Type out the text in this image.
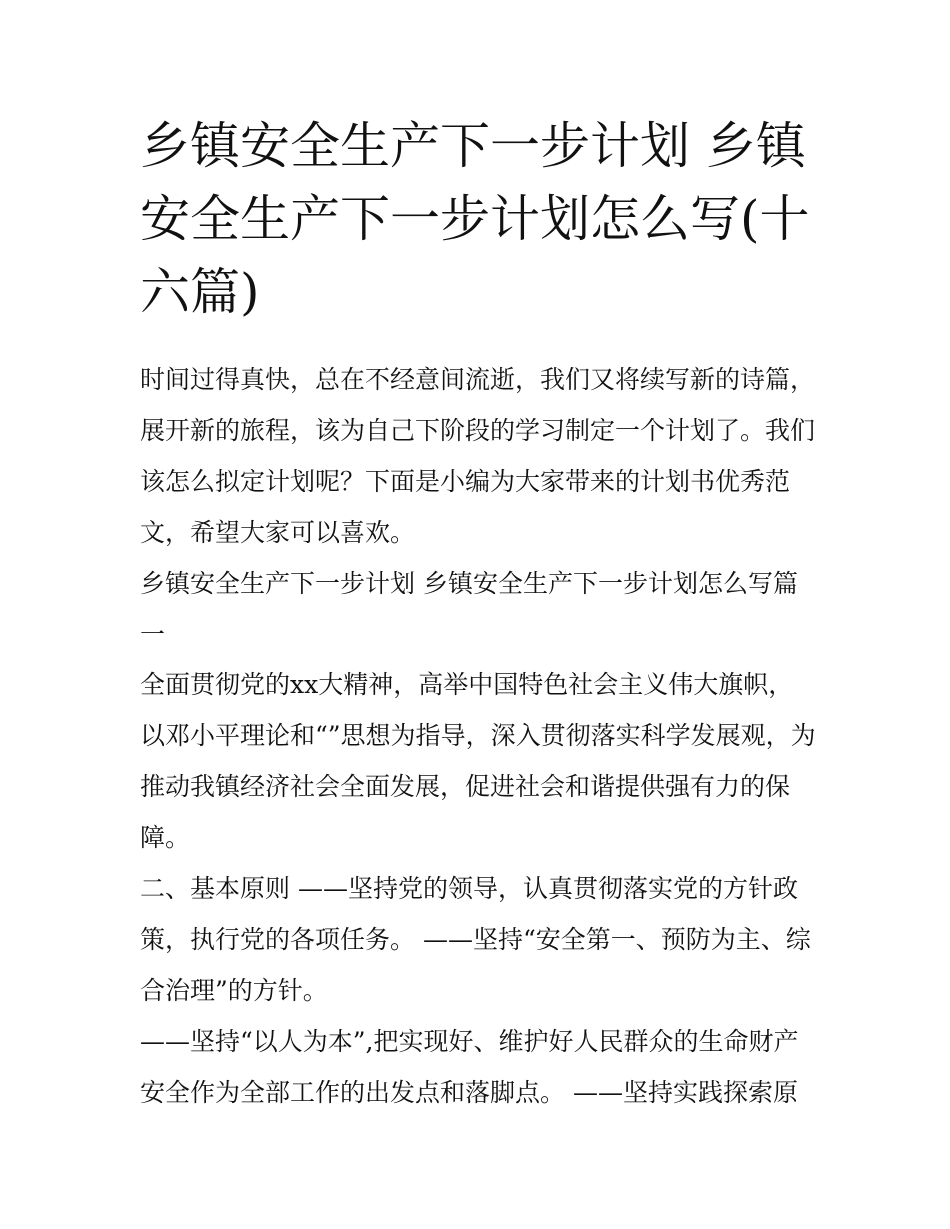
乡镇安全生产下一步计划 乡镇
安全生产下一步计划怎么写(十
六篇)

时间过得真快，总在不经意间流逝，我们又将续写新的诗篇，
展开新的旅程，该为自己下阶段的学习制定一个计划了。我们
该怎么拟定计划呢？下面是小编为大家带来的计划书优秀范
文，希望大家可以喜欢。

乡镇安全生产下一步计划 乡镇安全生产下一步计划怎么写篇
一

全面贯彻党的xx大精神，高举中国特色社会主义伟大旗帜，
以邓小平理论和“”思想为指导，深入贯彻落实科学发展观，为
推动我镇经济社会全面发展，促进社会和谐提供强有力的保
障。

二、基本原则 ——坚持党的领导，认真贯彻落实党的方针政
策，执行党的各项任务。 ——坚持“安全第一、预防为主、综
合治理”的方针。

——坚持“以人为本”,把实现好、维护好人民群众的生命财产
安全作为全部工作的出发点和落脚点。 ——坚持实践探索原
